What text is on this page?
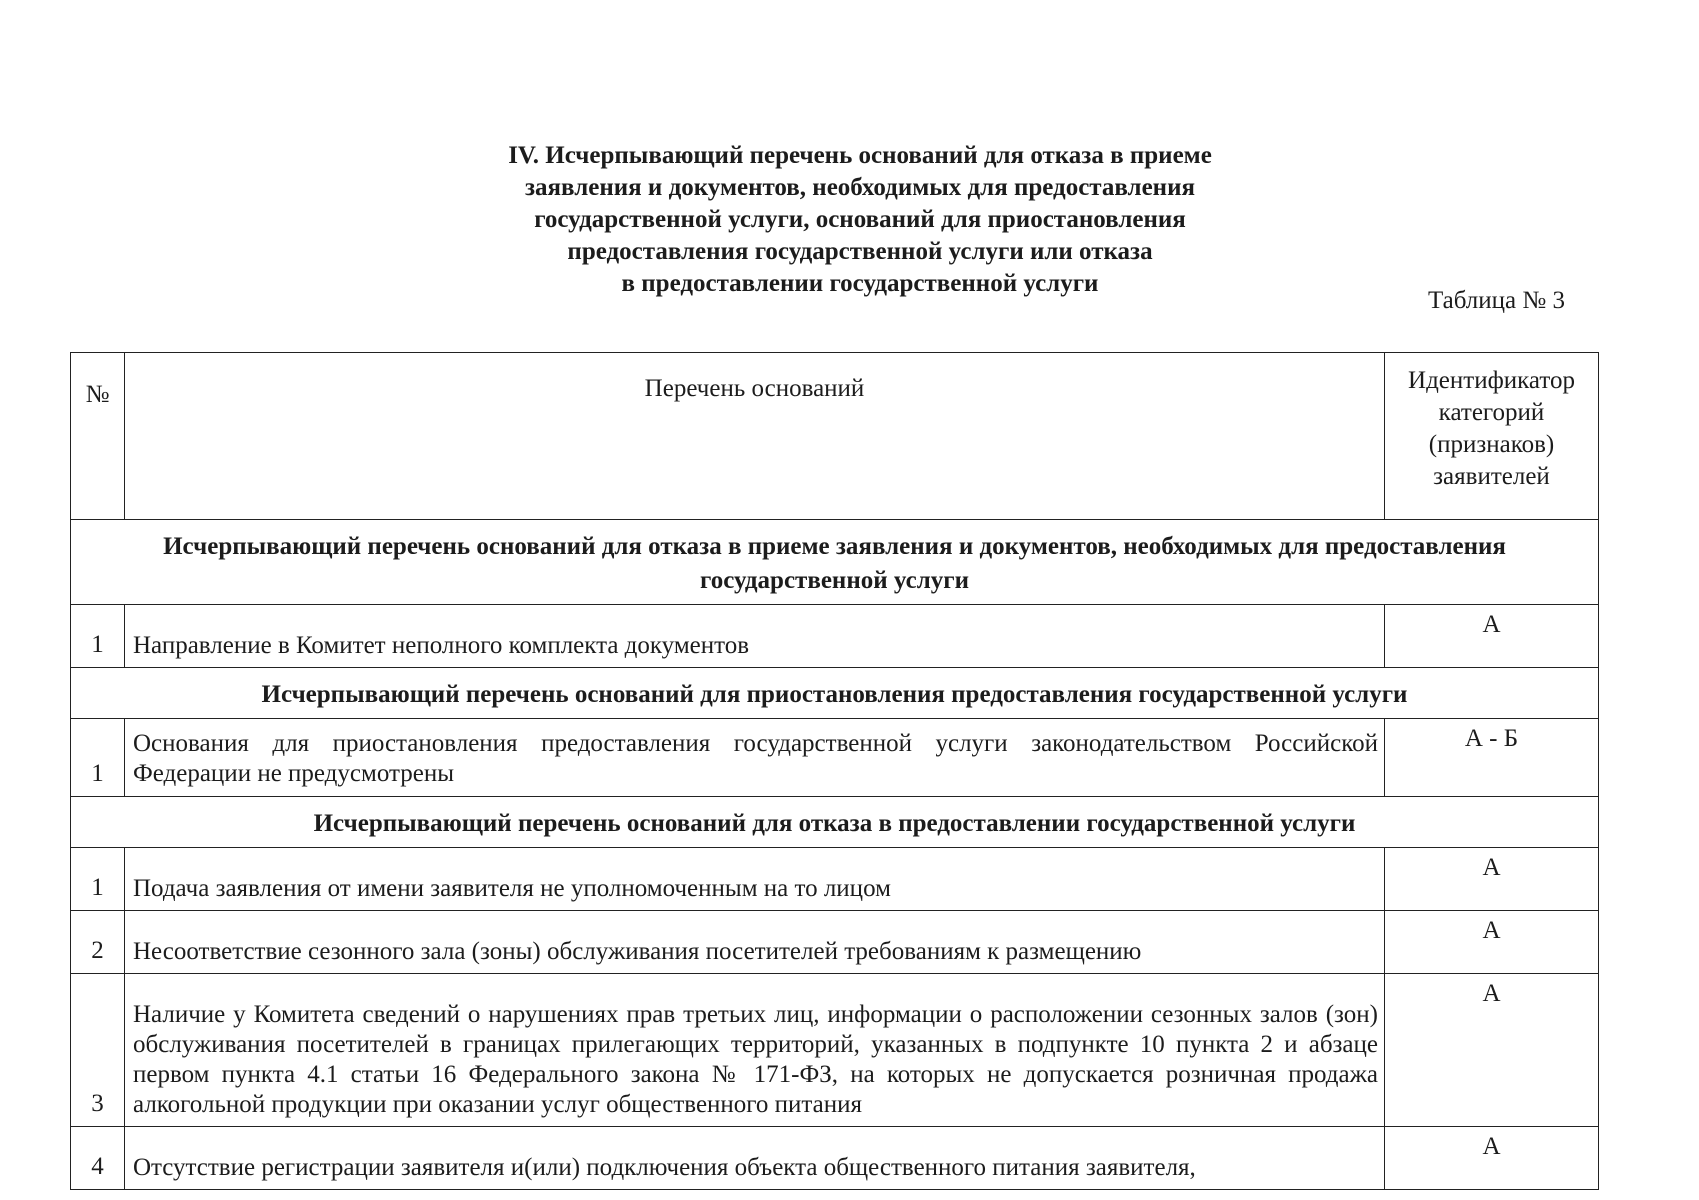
IV. Исчерпывающий перечень оснований для отказа в приеме
заявления и документов, необходимых для предоставления
государственной услуги, оснований для приостановления
предоставления государственной услуги или отказа
в предоставлении государственной услуги
Таблица № 3
№	Перечень оснований	Идентификатор
категорий
(признаков)
заявителей

Исчерпывающий перечень оснований для отказа в приеме заявления и документов, необходимых для предоставления государственной услуги		
1	Направление в Комитет неполного комплекта документов	А
Исчерпывающий перечень оснований для приостановления предоставления государственной услуги		
1	Основания для приостановления предоставления государственной услуги законодательством Российской Федерации не предусмотрены	А - Б
Исчерпывающий перечень оснований для отказа в предоставлении государственной услуги		
1	Подача заявления от имени заявителя не уполномоченным на то лицом	А
2	Несоответствие сезонного зала (зоны) обслуживания посетителей требованиям к размещению	А
3	Наличие у Комитета сведений о нарушениях прав третьих лиц, информации о расположении сезонных залов (зон) обслуживания посетителей в границах прилегающих территорий, указанных в подпункте 10 пункта 2 и абзаце первом пункта 4.1 статьи 16 Федерального закона № 171-ФЗ, на которых не допускается розничная продажа алкогольной продукции при оказании услуг общественного питания	А
4	Отсутствие регистрации заявителя и(или) подключения объекта общественного питания заявителя,	А
